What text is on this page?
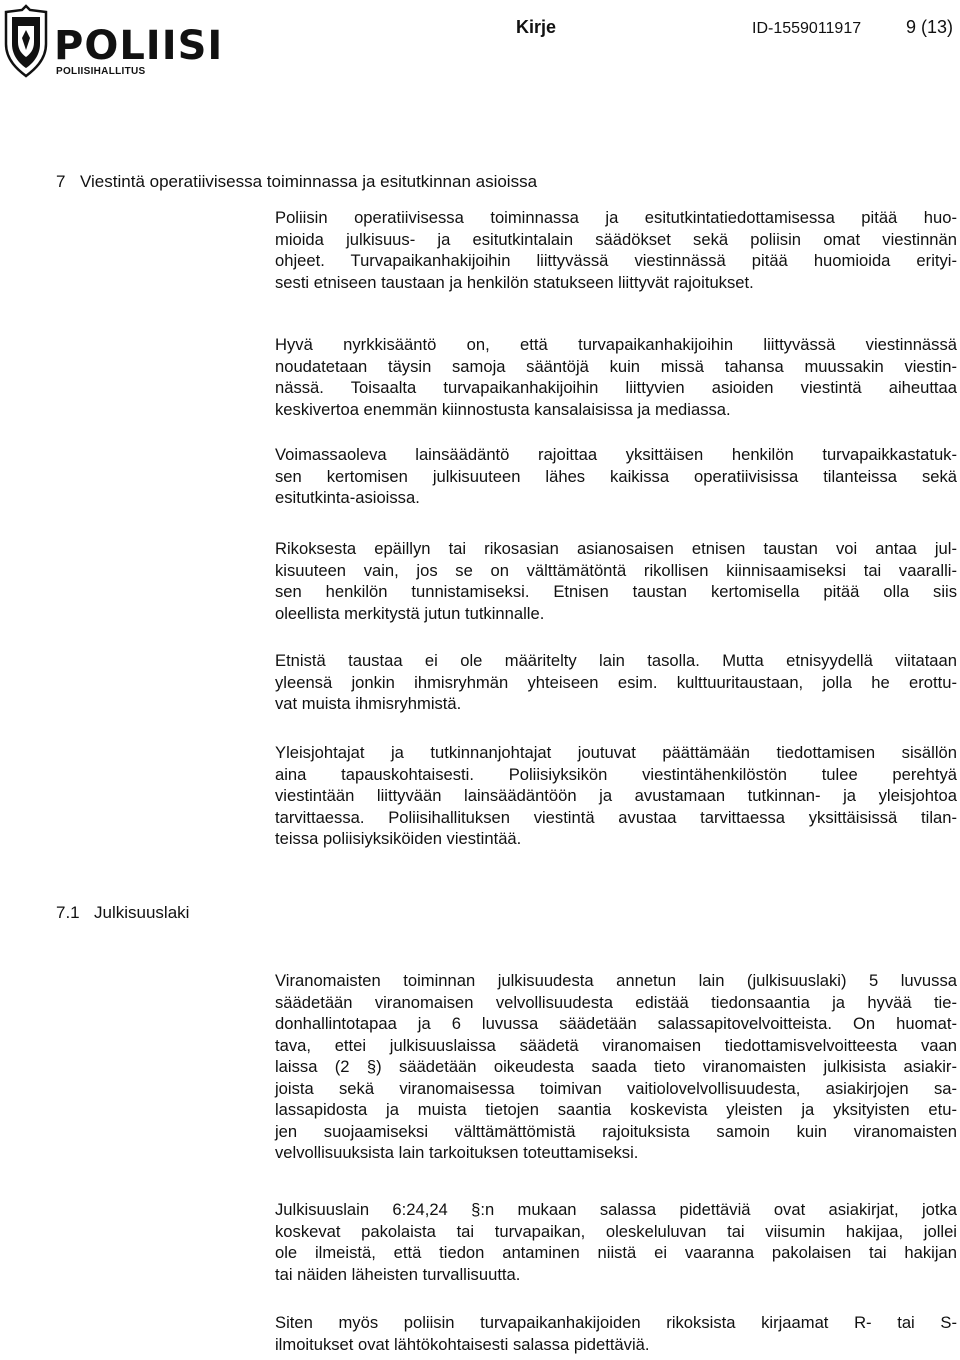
POLIISI
POLIISIHALLITUS
Kirje	ID-1559011917 9 (13)
7 Viestintä operatiivisessa toiminnassa ja esitutkinnan asioissa
Poliisin operatiivisessa toiminnassa ja esitutkintatiedottamisessa pitää huo-
mioida julkisuus- ja esitutkintalain säädökset sekä poliisin omat viestinnän
ohjeet. Turvapaikanhakijoihin liittyvässä viestinnässä pitää huomioida erityi-
sesti etniseen taustaan ja henkilön statukseen liittyvät rajoitukset.
Hyvä nyrkkisääntö on, että turvapaikanhakijoihin liittyvässä viestinnässä
noudatetaan täysin samoja sääntöjä kuin missä tahansa muussakin viestin-
nässä. Toisaalta turvapaikanhakijoihin liittyvien asioiden viestintä aiheuttaa
keskivertoa enemmän kiinnostusta kansalaisissa ja mediassa.
Voimassaoleva lainsäädäntö rajoittaa yksittäisen henkilön turvapaikkastatuk-
sen kertomisen julkisuuteen lähes kaikissa operatiivisissa tilanteissa sekä
esitutkinta-asioissa.
Rikoksesta epäillyn tai rikosasian asianosaisen etnisen taustan voi antaa jul-
kisuuteen vain, jos se on välttämätöntä rikollisen kiinnisaamiseksi tai vaaralli-
sen henkilön tunnistamiseksi. Etnisen taustan kertomisella pitää olla siis
oleellista merkitystä jutun tutkinnalle.
Etnistä taustaa ei ole määritelty lain tasolla. Mutta etnisyydellä viitataan
yleensä jonkin ihmisryhmän yhteiseen esim. kulttuuritaustaan, jolla he erottu-
vat muista ihmisryhmistä.
Yleisjohtajat ja tutkinnanjohtajat joutuvat päättämään tiedottamisen sisällön
aina tapauskohtaisesti. Poliisiyksikön viestintähenkilöstön tulee perehtyä
viestintään liittyvään lainsäädäntöön ja avustamaan tutkinnan- ja yleisjohtoa
tarvittaessa. Poliisihallituksen viestintä avustaa tarvittaessa yksittäisissä tilan-
teissa poliisiyksiköiden viestintää.
7.1 Julkisuuslaki
Viranomaisten toiminnan julkisuudesta annetun lain (julkisuuslaki) 5 luvussa
säädetään viranomaisen velvollisuudesta edistää tiedonsaantia ja hyvää tie-
donhallintotapaa ja 6 luvussa säädetään salassapitovelvoitteista. On huomat-
tava, ettei julkisuuslaissa säädetä viranomaisen tiedottamisvelvoitteesta vaan
laissa (2 §) säädetään oikeudesta saada tieto viranomaisten julkisista asiakir-
joista sekä viranomaisessa toimivan vaitiolovelvollisuudesta, asiakirjojen sa-
lassapidosta ja muista tietojen saantia koskevista yleisten ja yksityisten etu-
jen suojaamiseksi välttämättömistä rajoituksista samoin kuin viranomaisten
velvollisuuksista lain tarkoituksen toteuttamiseksi.
Julkisuuslain 6:24,24 §:n mukaan salassa pidettäviä ovat asiakirjat, jotka
koskevat pakolaista tai turvapaikan, oleskeluluvan tai viisumin hakijaa, jollei
ole ilmeistä, että tiedon antaminen niistä ei vaaranna pakolaisen tai hakijan
tai näiden läheisten turvallisuutta.
Siten myös poliisin turvapaikanhakijoiden rikoksista kirjaamat R- tai S-
ilmoitukset ovat lähtökohtaisesti salassa pidettäviä.
